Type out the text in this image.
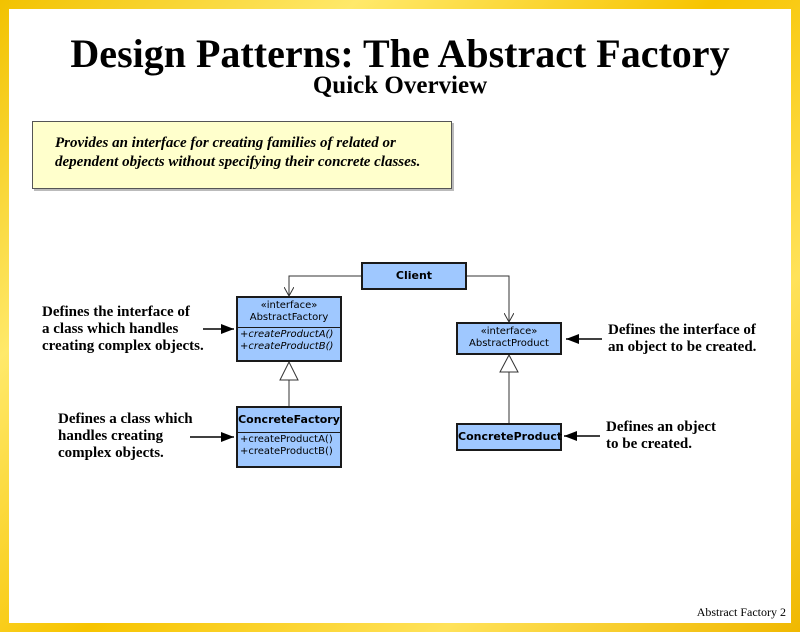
Design Patterns: The Abstract Factory
Quick Overview
Provides an interface for creating families of related or
dependent objects without specifying their concrete classes.
Client
«interface»
AbstractFactory
+createProductA()
+createProductB()
ConcreteFactory
+createProductA()
+createProductB()
«interface»
AbstractProduct
ConcreteProduct
Defines the interface of
a class which handles
creating complex objects.
Defines a class which
handles creating
complex objects.
Defines the interface of
an object to be created.
Defines an object
to be created.
Abstract Factory 2
